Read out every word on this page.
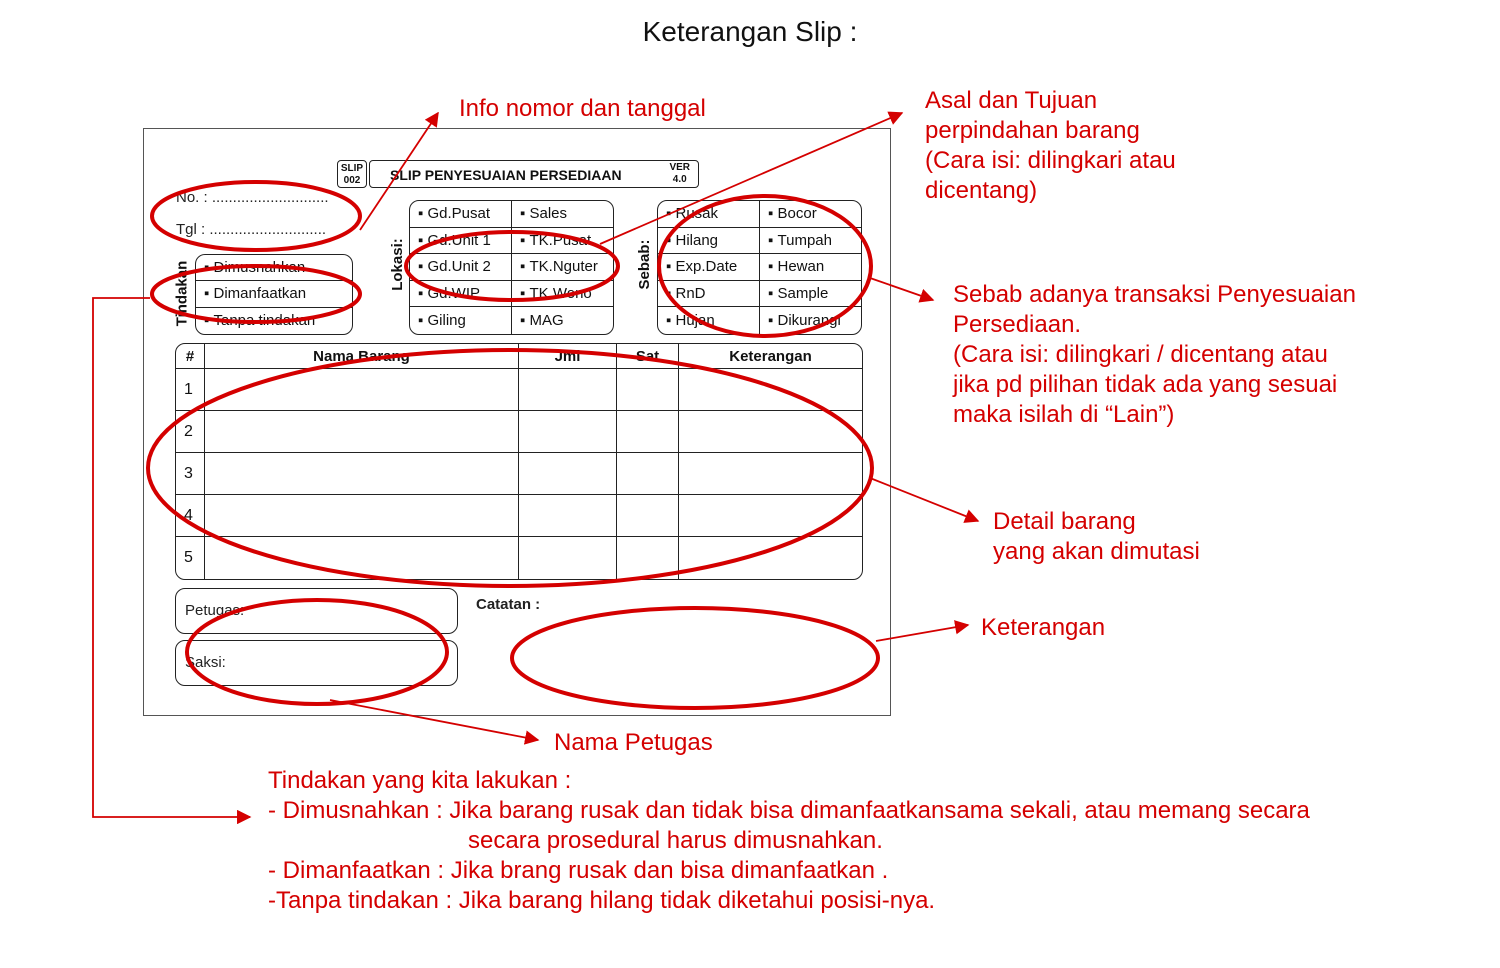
Keterangan Slip :
SLIP
002	SLIP PENYESUAIAN PERSEDIAAN	VER
4.0
No. : ............................
Tgl : ............................
Tindakan ▪ Dimusnahkan
▪ Dimanfaatkan
▪ Tanpa tindakan
Lokasi:
▪ Gd.Pusat	▪ Sales
▪ Gd.Unit 1	▪ TK.Pusat
▪ Gd.Unit 2	▪ TK.Nguter
▪ Gd.WIP	▪ TK.Wono
▪ Giling	▪ MAG
Sebab:
▪ Rusak	▪ Bocor
▪ Hilang	▪ Tumpah
▪ Exp.Date	▪ Hewan
▪ RnD	▪ Sample
▪ Hujan	▪ Dikurangi
#	Nama Barang	Jml	Sat	Keterangan
1
2
3
4
5
Petugas:
Saksi:
Catatan :
Info nomor dan tanggal	Asal dan Tujuan
perpindahan barang
(Cara isi: dilingkari atau
dicentang)
Sebab adanya transaksi Penyesuaian
Persediaan.
(Cara isi: dilingkari / dicentang atau
jika pd pilihan tidak ada yang sesuai
maka isilah di “Lain”)
Detail barang
yang akan dimutasi
Keterangan
Nama Petugas
Tindakan yang kita lakukan :
- Dimusnahkan : Jika barang rusak dan tidak bisa dimanfaatkansama sekali, atau memang secara
secara prosedural harus dimusnahkan.
- Dimanfaatkan : Jika brang rusak dan bisa dimanfaatkan .
-Tanpa tindakan : Jika barang hilang tidak diketahui posisi-nya.
